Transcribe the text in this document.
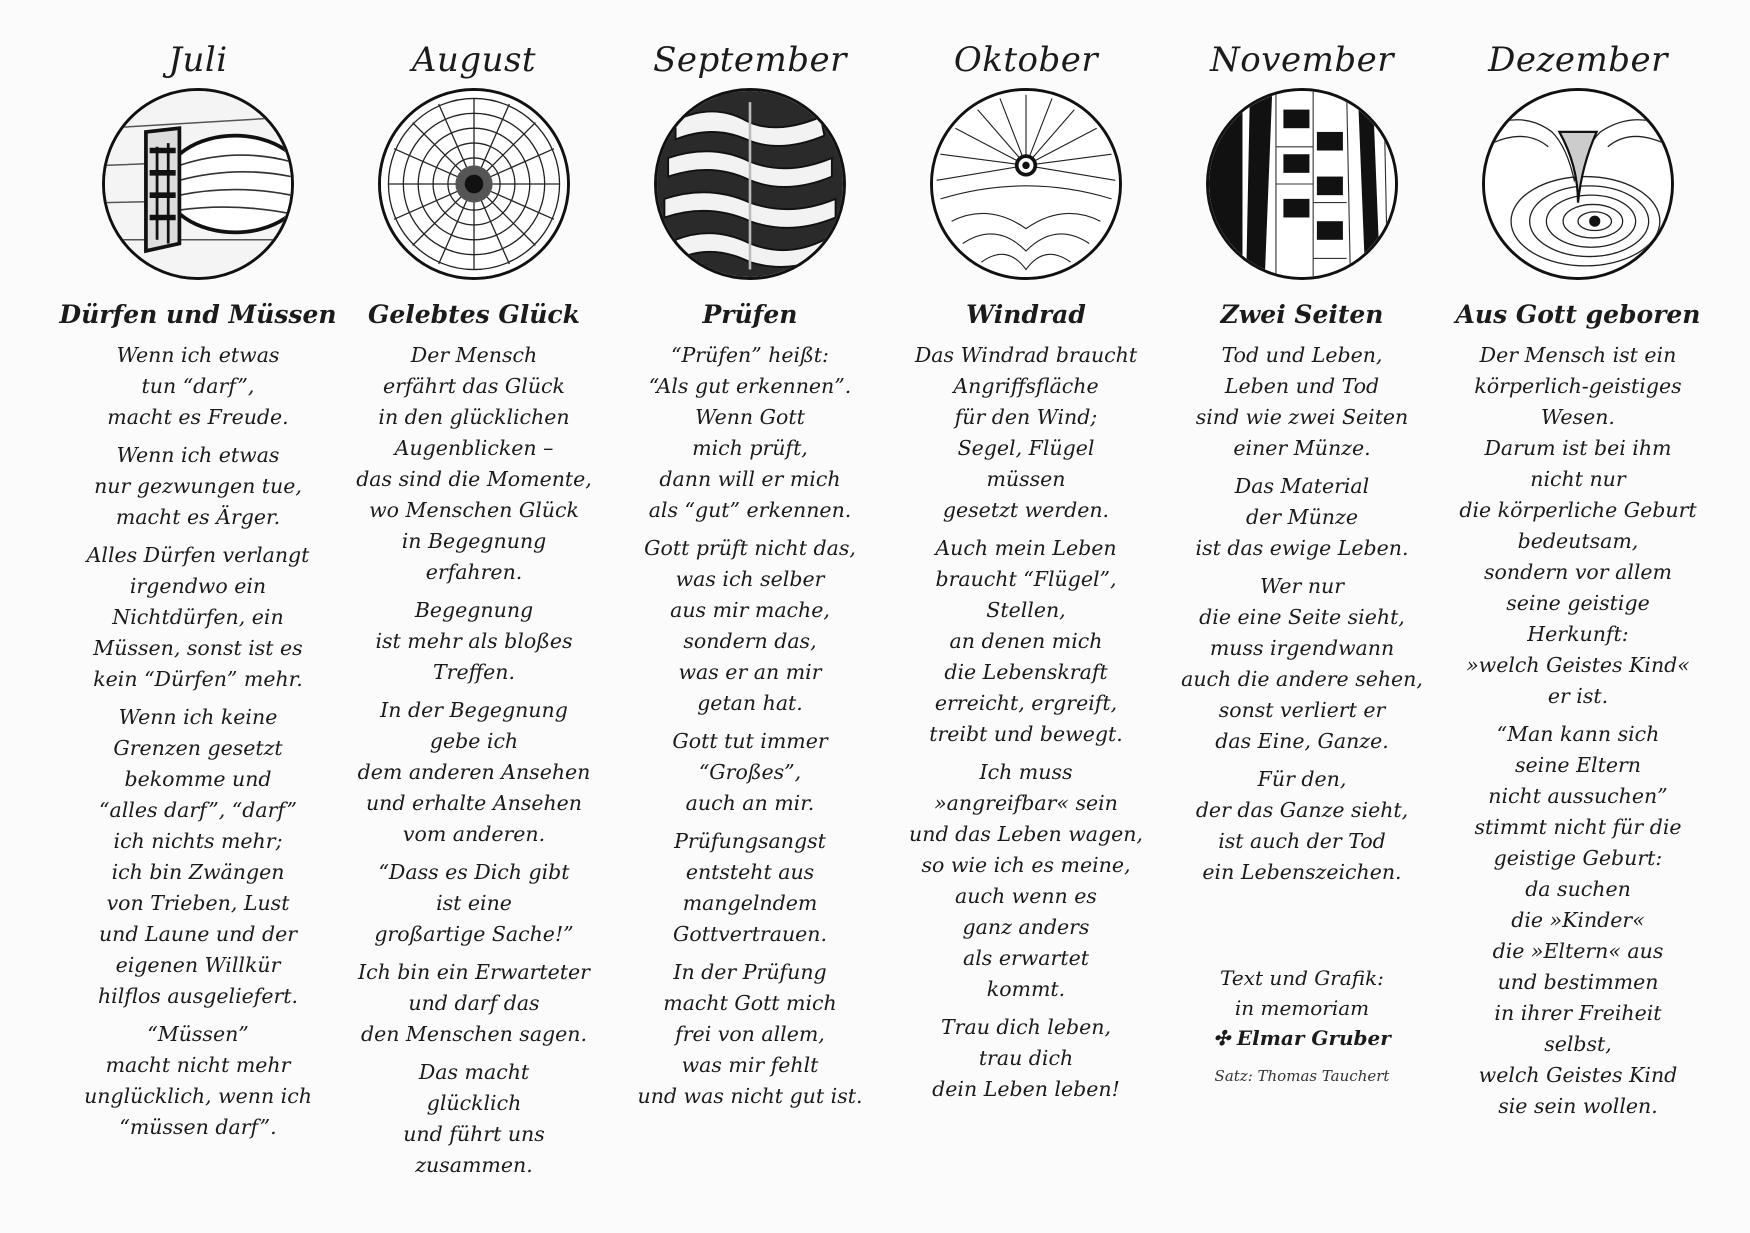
Juli
Dürfen und Müssen
Wenn ich etwas
tun “darf”,
macht es Freude.
Wenn ich etwas
nur gezwungen tue,
macht es Ärger.
Alles Dürfen verlangt
irgendwo ein
Nichtdürfen, ein
Müssen, sonst ist es
kein “Dürfen” mehr.
Wenn ich keine
Grenzen gesetzt
bekomme und
“alles darf”, “darf”
ich nichts mehr;
ich bin Zwängen
von Trieben, Lust
und Laune und der
eigenen Willkür
hilflos ausgeliefert.
“Müssen”
macht nicht mehr
unglücklich, wenn ich
“müssen darf”.
August
Gelebtes Glück
Der Mensch
erfährt das Glück
in den glücklichen
Augenblicken –
das sind die Momente,
wo Menschen Glück
in Begegnung
erfahren.
Begegnung
ist mehr als bloßes
Treffen.
In der Begegnung
gebe ich
dem anderen Ansehen
und erhalte Ansehen
vom anderen.
“Dass es Dich gibt
ist eine
großartige Sache!”
Ich bin ein Erwarteter
und darf das
den Menschen sagen.
Das macht
glücklich
und führt uns
zusammen.
September
Prüfen
“Prüfen” heißt:
“Als gut erkennen”.
Wenn Gott
mich prüft,
dann will er mich
als “gut” erkennen.
Gott prüft nicht das,
was ich selber
aus mir mache,
sondern das,
was er an mir
getan hat.
Gott tut immer
“Großes”,
auch an mir.
Prüfungsangst
entsteht aus
mangelndem
Gottvertrauen.
In der Prüfung
macht Gott mich
frei von allem,
was mir fehlt
und was nicht gut ist.
Oktober
Windrad
Das Windrad braucht
Angriffsfläche
für den Wind;
Segel, Flügel
müssen
gesetzt werden.
Auch mein Leben
braucht “Flügel”,
Stellen,
an denen mich
die Lebenskraft
erreicht, ergreift,
treibt und bewegt.
Ich muss
»angreifbar« sein
und das Leben wagen,
so wie ich es meine,
auch wenn es
ganz anders
als erwartet
kommt.
Trau dich leben,
trau dich
dein Leben leben!
November
Zwei Seiten
Tod und Leben,
Leben und Tod
sind wie zwei Seiten
einer Münze.
Das Material
der Münze
ist das ewige Leben.
Wer nur
die eine Seite sieht,
muss irgendwann
auch die andere sehen,
sonst verliert er
das Eine, Ganze.
Für den,
der das Ganze sieht,
ist auch der Tod
ein Lebenszeichen.
Text und Grafik:
in memoriam
✣ Elmar Gruber
Satz: Thomas Tauchert
Dezember
Aus Gott geboren
Der Mensch ist ein
körperlich-geistiges
Wesen.
Darum ist bei ihm
nicht nur
die körperliche Geburt
bedeutsam,
sondern vor allem
seine geistige
Herkunft:
»welch Geistes Kind«
er ist.
“Man kann sich
seine Eltern
nicht aussuchen”
stimmt nicht für die
geistige Geburt:
da suchen
die »Kinder«
die »Eltern« aus
und bestimmen
in ihrer Freiheit
selbst,
welch Geistes Kind
sie sein wollen.
